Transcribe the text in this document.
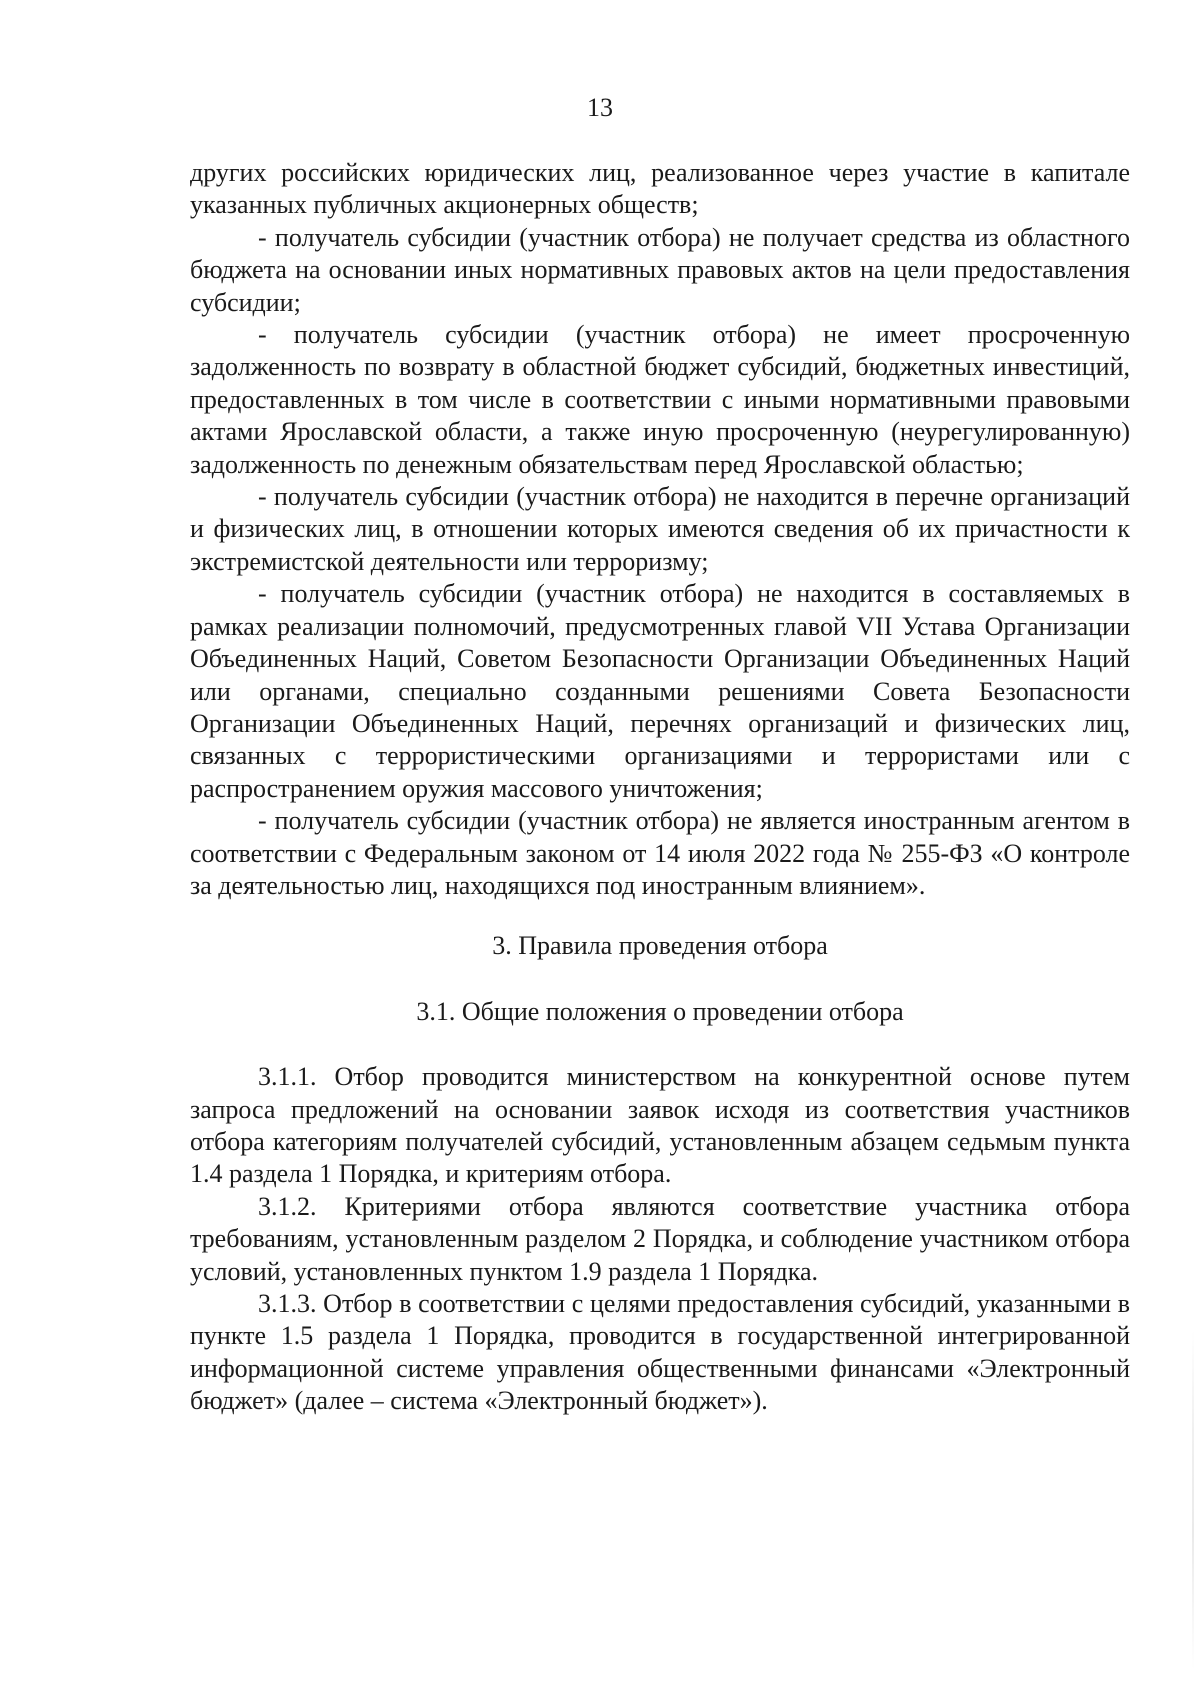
13

других российских юридических лиц, реализованное через участие в капитале указанных публичных акционерных обществ;

- получатель субсидии (участник отбора) не получает средства из областного бюджета на основании иных нормативных правовых актов на цели предоставления субсидии;

- получатель субсидии (участник отбора) не имеет просроченную задолженность по возврату в областной бюджет субсидий, бюджетных инвестиций, предоставленных в том числе в соответствии с иными нормативными правовыми актами Ярославской области, а также иную просроченную (неурегулированную) задолженность по денежным обязательствам перед Ярославской областью;

- получатель субсидии (участник отбора) не находится в перечне организаций и физических лиц, в отношении которых имеются сведения об их причастности к экстремистской деятельности или терроризму;

- получатель субсидии (участник отбора) не находится в составляемых в рамках реализации полномочий, предусмотренных главой VII Устава Организации Объединенных Наций, Советом Безопасности Организации Объединенных Наций или органами, специально созданными решениями Совета Безопасности Организации Объединенных Наций, перечнях организаций и физических лиц, связанных с террористическими организациями и террористами или с распространением оружия массового уничтожения;

- получатель субсидии (участник отбора) не является иностранным агентом в соответствии с Федеральным законом от 14 июля 2022 года № 255-ФЗ «О контроле за деятельностью лиц, находящихся под иностранным влиянием».

3. Правила проведения отбора

3.1. Общие положения о проведении отбора

3.1.1. Отбор проводится министерством на конкурентной основе путем запроса предложений на основании заявок исходя из соответствия участников отбора категориям получателей субсидий, установленным абзацем седьмым пункта 1.4 раздела 1 Порядка, и критериям отбора.

3.1.2. Критериями отбора являются соответствие участника отбора требованиям, установленным разделом 2 Порядка, и соблюдение участником отбора условий, установленных пунктом 1.9 раздела 1 Порядка.

3.1.3. Отбор в соответствии с целями предоставления субсидий, указанными в пункте 1.5 раздела 1 Порядка, проводится в государственной интегрированной информационной системе управления общественными финансами «Электронный бюджет» (далее – система «Электронный бюджет»).
